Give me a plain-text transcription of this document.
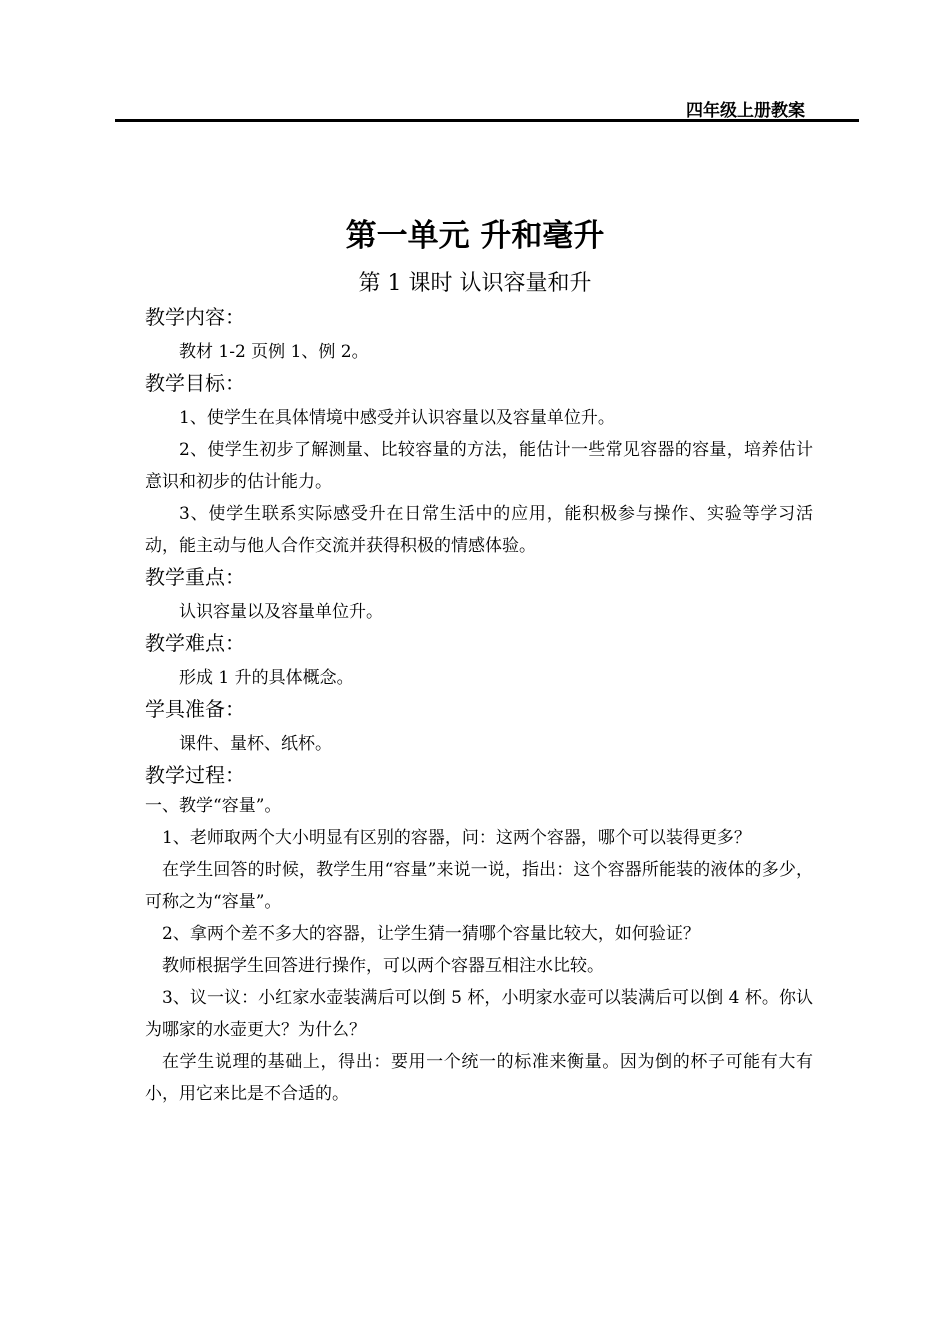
四年级上册教案
第一单元 升和毫升
第 1 课时 认识容量和升

教学内容：

教材 1-2 页例 1、例 2。

教学目标：

1、使学生在具体情境中感受并认识容量以及容量单位升。

2、使学生初步了解测量、比较容量的方法，能估计一些常见容器的容量，培养估计意识和初步的估计能力。

3、使学生联系实际感受升在日常生活中的应用，能积极参与操作、实验等学习活动，能主动与他人合作交流并获得积极的情感体验。

教学重点：

认识容量以及容量单位升。

教学难点：

形成 1 升的具体概念。

学具准备：

课件、量杯、纸杯。

教学过程：

一、教学“容量”。

1、老师取两个大小明显有区别的容器，问：这两个容器，哪个可以装得更多？

在学生回答的时候，教学生用“容量”来说一说，指出：这个容器所能装的液体的多少，可称之为“容量”。

2、拿两个差不多大的容器，让学生猜一猜哪个容量比较大，如何验证？

教师根据学生回答进行操作，可以两个容器互相注水比较。

3、议一议：小红家水壶装满后可以倒 5 杯，小明家水壶可以装满后可以倒 4 杯。你认为哪家的水壶更大？为什么？

在学生说理的基础上，得出：要用一个统一的标准来衡量。因为倒的杯子可能有大有小，用它来比是不合适的。
